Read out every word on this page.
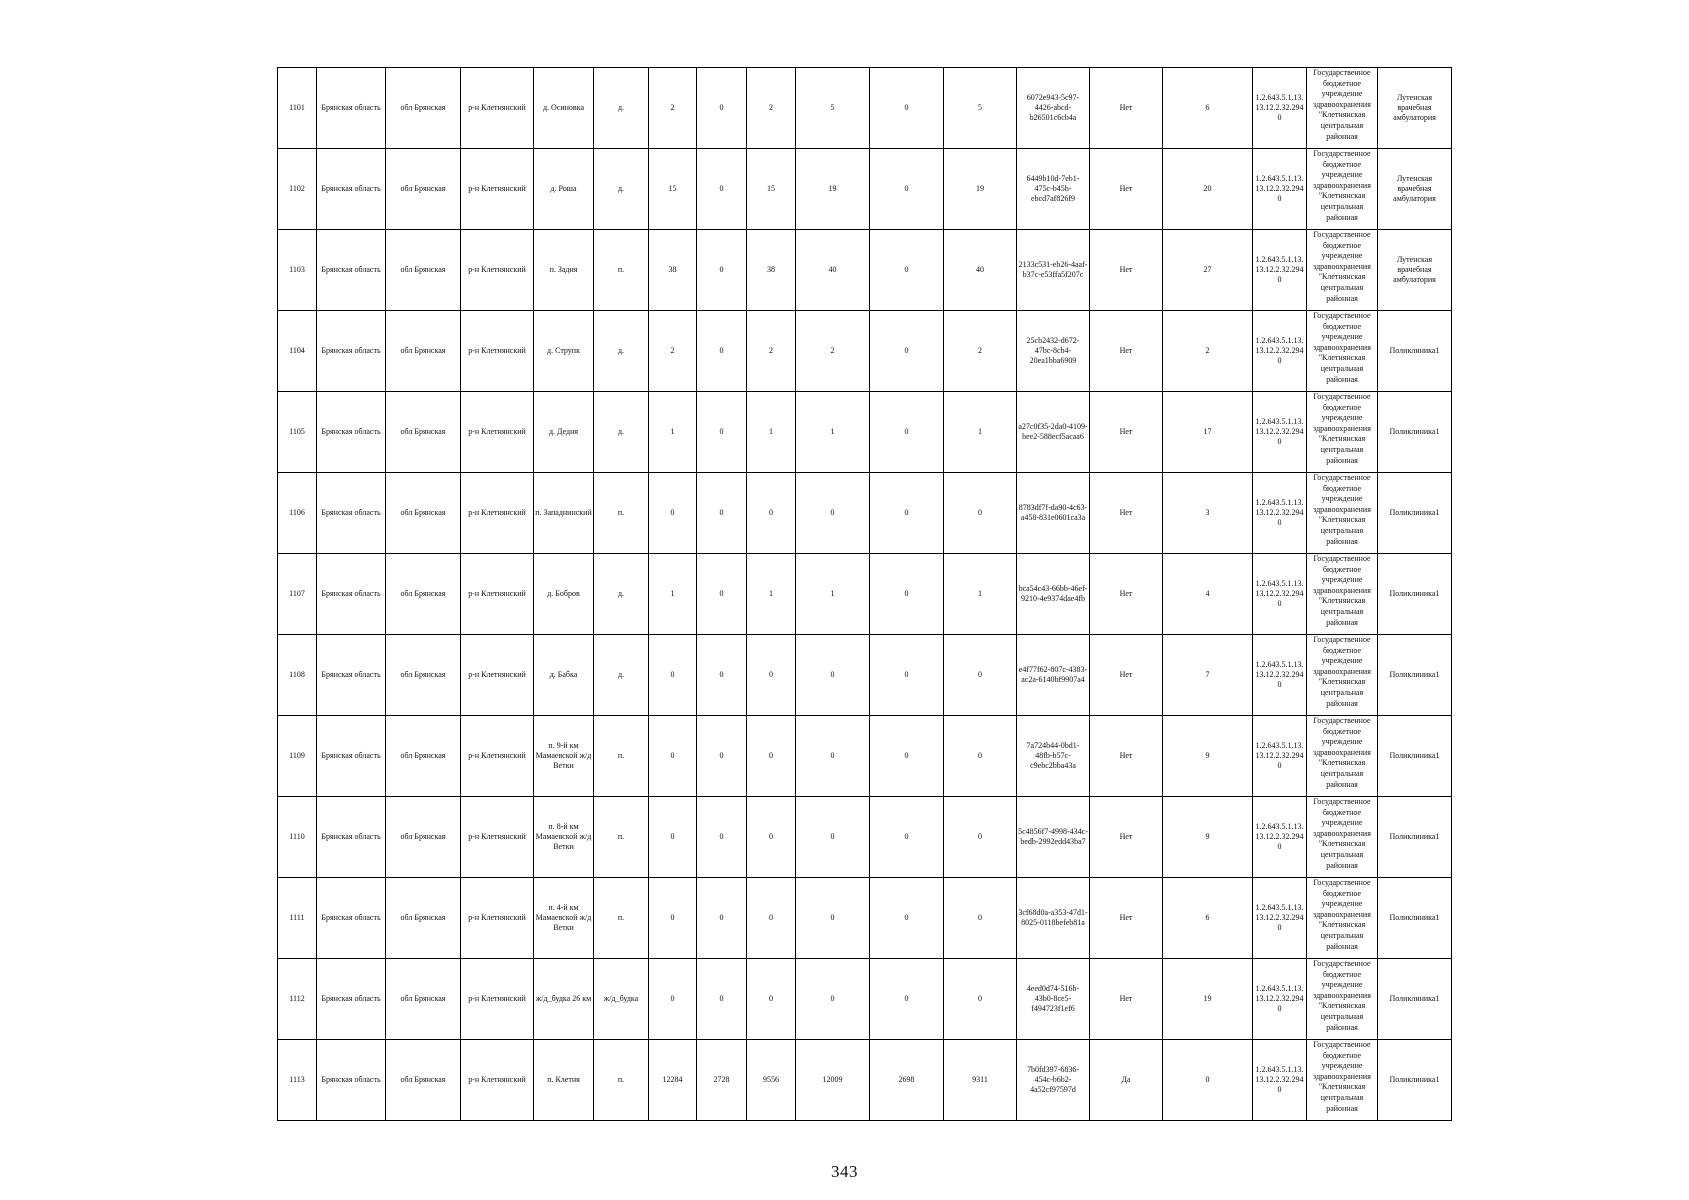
1101	Брянская область	обл Брянская	р-н Клетнянский	д. Осиновка	д.	2	0	2	5	0	5	6072e943-5c97-4426-abcd-b26501c6cb4a	Нет	6	1.2.643.5.1.13.13.12.2.32.2940	Государственное бюджетное учреждение здравоохранения "Клетнянская центральная районная	Лутенская врачебная амбулатория
1102	Брянская область	обл Брянская	р-н Клетнянский	д. Роша	д.	15	0	15	19	0	19	6449b10d-7eb1-475c-b45b-ebcd7af826f9	Нет	20	1.2.643.5.1.13.13.12.2.32.2940	Государственное бюджетное учреждение здравоохранения "Клетнянская центральная районная	Лутенская врачебная амбулатория
1103	Брянская область	обл Брянская	р-н Клетнянский	п. Задня	п.	38	0	38	40	0	40	2133c531-eb26-4aaf-b37c-e53ffa5f207c	Нет	27	1.2.643.5.1.13.13.12.2.32.2940	Государственное бюджетное учреждение здравоохранения "Клетнянская центральная районная	Лутенская врачебная амбулатория
1104	Брянская область	обл Брянская	р-н Клетнянский	д. Струпк	д.	2	0	2	2	0	2	25cb2432-d672-47bc-8cb4-20ea1bba6909	Нет	2	1.2.643.5.1.13.13.12.2.32.2940	Государственное бюджетное учреждение здравоохранения "Клетнянская центральная районная	Поликлиника1
1105	Брянская область	обл Брянская	р-н Клетнянский	д. Дедня	д.	1	0	1	1	0	1	a27c0f35-2da0-4109-bee2-588ecf5acaa6	Нет	17	1.2.643.5.1.13.13.12.2.32.2940	Государственное бюджетное учреждение здравоохранения "Клетнянская центральная районная	Поликлиника1
1106	Брянская область	обл Брянская	р-н Клетнянский	п. Западнинский	п.	0	0	0	0	0	0	8783df7f-da90-4c63-a458-831e0601ca3a	Нет	3	1.2.643.5.1.13.13.12.2.32.2940	Государственное бюджетное учреждение здравоохранения "Клетнянская центральная районная	Поликлиника1
1107	Брянская область	обл Брянская	р-н Клетнянский	д. Бобров	д.	1	0	1	1	0	1	bca54c43-66bb-46ef-9210-4e9374dae4fb	Нет	4	1.2.643.5.1.13.13.12.2.32.2940	Государственное бюджетное учреждение здравоохранения "Клетнянская центральная районная	Поликлиника1
1108	Брянская область	обл Брянская	р-н Клетнянский	д. Бабка	д.	0	0	0	0	0	0	e4f77f62-807c-4383-ac2a-6140bf9907a4	Нет	7	1.2.643.5.1.13.13.12.2.32.2940	Государственное бюджетное учреждение здравоохранения "Клетнянская центральная районная	Поликлиника1
1109	Брянская область	обл Брянская	р-н Клетнянский	п. 9-й км Мамаевской ж/д Ветки	п.	0	0	0	0	0	0	7a724b44-0bd1-48fb-b57c-c9ebc2bba43a	Нет	9	1.2.643.5.1.13.13.12.2.32.2940	Государственное бюджетное учреждение здравоохранения "Клетнянская центральная районная	Поликлиника1
1110	Брянская область	обл Брянская	р-н Клетнянский	п. 8-й км Мамаевской ж/д Ветки	п.	0	0	0	0	0	0	5c4856f7-4998-434c-bedb-2992edd43ba7	Нет	9	1.2.643.5.1.13.13.12.2.32.2940	Государственное бюджетное учреждение здравоохранения "Клетнянская центральная районная	Поликлиника1
1111	Брянская область	обл Брянская	р-н Клетнянский	п. 4-й км Мамаевской ж/д Ветки	п.	0	0	0	0	0	0	3cf68d0a-a353-47d1-8025-0118befeb81a	Нет	6	1.2.643.5.1.13.13.12.2.32.2940	Государственное бюджетное учреждение здравоохранения "Клетнянская центральная районная	Поликлиника1
1112	Брянская область	обл Брянская	р-н Клетнянский	ж/д_будка 26 км	ж/д_будка	0	0	0	0	0	0	4eed0d74-516b-43b0-8ce5-f494723f1ef6	Нет	19	1.2.643.5.1.13.13.12.2.32.2940	Государственное бюджетное учреждение здравоохранения "Клетнянская центральная районная	Поликлиника1
1113	Брянская область	обл Брянская	р-н Клетнянский	п. Клетня	п.	12284	2728	9556	12009	2698	9311	7b0fd397-6836-454c-b6b2-4a52cf97597d	Да	0	1.2.643.5.1.13.13.12.2.32.2940	Государственное бюджетное учреждение здравоохранения "Клетнянская центральная районная	Поликлиника1
343
